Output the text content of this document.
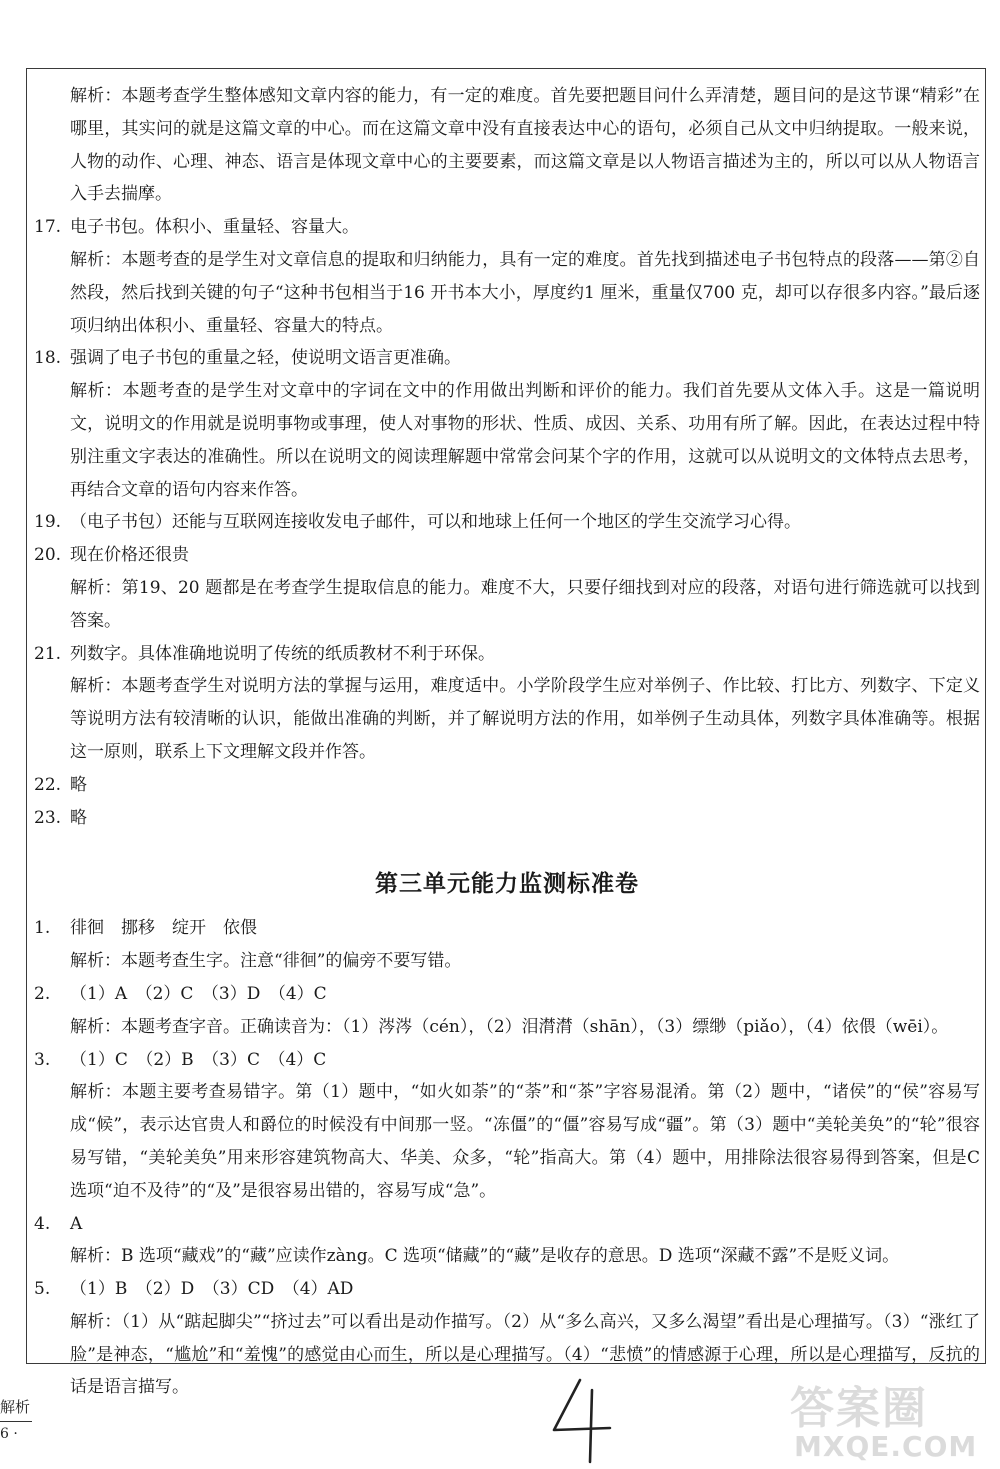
解析：本题考查学生整体感知文章内容的能力，有一定的难度。首先要把题目问什么弄清楚，题目问的是这节课“精彩”在哪里，其实问的就是这篇文章的中心。而在这篇文章中没有直接表达中心的语句，必须自己从文中归纳提取。一般来说，人物的动作、心理、神态、语言是体现文章中心的主要要素，而这篇文章是以人物语言描述为主的，所以可以从人物语言入手去揣摩。
17. 电子书包。体积小、重量轻、容量大。
解析：本题考查的是学生对文章信息的提取和归纳能力，具有一定的难度。首先找到描述电子书包特点的段落——第②自然段，然后找到关键的句子“这种书包相当于16 开书本大小，厚度约1 厘米，重量仅700 克，却可以存很多内容。”最后逐项归纳出体积小、重量轻、容量大的特点。
18. 强调了电子书包的重量之轻，使说明文语言更准确。
解析：本题考查的是学生对文章中的字词在文中的作用做出判断和评价的能力。我们首先要从文体入手。这是一篇说明文，说明文的作用就是说明事物或事理，使人对事物的形状、性质、成因、关系、功用有所了解。因此，在表达过程中特别注重文字表达的准确性。所以在说明文的阅读理解题中常常会问某个字的作用，这就可以从说明文的文体特点去思考，再结合文章的语句内容来作答。
19. （电子书包）还能与互联网连接收发电子邮件，可以和地球上任何一个地区的学生交流学习心得。
20. 现在价格还很贵
解析：第19、20 题都是在考查学生提取信息的能力。难度不大，只要仔细找到对应的段落，对语句进行筛选就可以找到答案。
21. 列数字。具体准确地说明了传统的纸质教材不利于环保。
解析：本题考查学生对说明方法的掌握与运用，难度适中。小学阶段学生应对举例子、作比较、打比方、列数字、下定义等说明方法有较清晰的认识，能做出准确的判断，并了解说明方法的作用，如举例子生动具体，列数字具体准确等。根据这一原则，联系上下文理解文段并作答。
22. 略
23. 略
第三单元能力监测标准卷
1. 徘徊　挪移　绽开　依偎
解析：本题考查生字。注意“徘徊”的偏旁不要写错。
2. （1）A　（2）C　（3）D　（4）C
解析：本题考查字音。正确读音为：（1）涔涔（cén），（2）泪潸潸（shān），（3）缥缈（piǎo），（4）依偎（wēi）。
3. （1）C　（2）B　（3）C　（4）C
解析：本题主要考查易错字。第（1）题中，“如火如荼”的“荼”和“茶”字容易混淆。第（2）题中，“诸侯”的“侯”容易写成“候”，表示达官贵人和爵位的时候没有中间那一竖。“冻僵”的“僵”容易写成“疆”。第（3）题中“美轮美奂”的“轮”很容易写错，“美轮美奂”用来形容建筑物高大、华美、众多，“轮”指高大。第（4）题中，用排除法很容易得到答案，但是C 选项“迫不及待”的“及”是很容易出错的，容易写成“急”。
4. A
解析：B 选项“藏戏”的“藏”应读作zàng。C 选项“储藏”的“藏”是收存的意思。D 选项“深藏不露”不是贬义词。
5. （1）B　（2）D　（3）CD　（4）AD
解析：（1）从“踮起脚尖”“挤过去”可以看出是动作描写。（2）从“多么高兴，又多么渴望”看出是心理描写。（3）“涨红了脸”是神态，“尴尬”和“羞愧”的感觉由心而生，所以是心理描写。（4）“悲愤”的情感源于心理，所以是心理描写，反抗的话是语言描写。
解析
6 ·	答案圈
MXQE.COM
